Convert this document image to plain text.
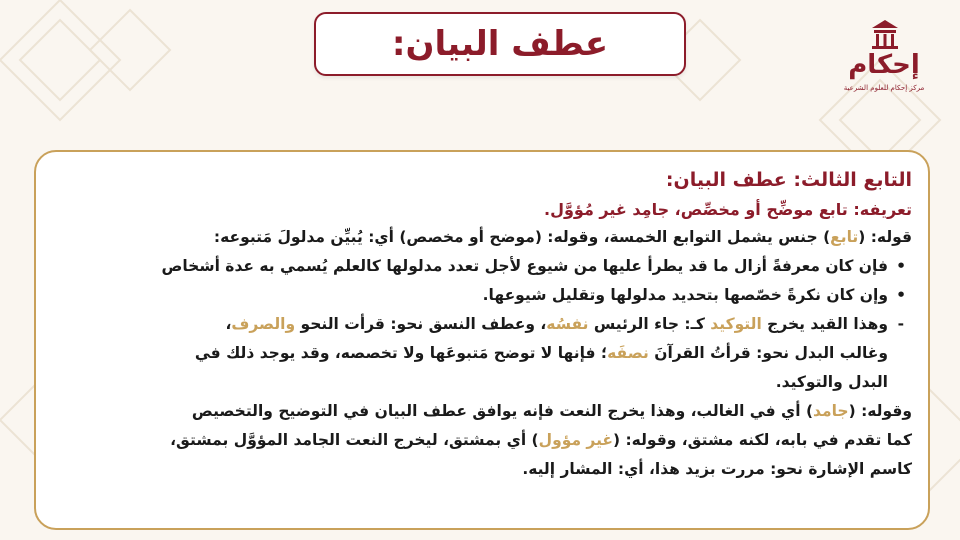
عطف البيان:
إحكام
مركز إحكام للعلوم الشرعية
التابع الثالث: عطف البيان:
تعريفه: تابع موضِّح أو مخصِّص، جامِد غير مُؤوَّل.
قوله: (تابع) جنس يشمل التوابع الخمسة، وقوله: (موضح أو مخصص) أي: يُبيِّن مدلولَ مَتبوعه:
• فإن كان معرفةً أزال ما قد يطرأ عليها من شيوع لأجل تعدد مدلولها كالعلم يُسمي به عدة أشخاص
• وإن كان نكرةً خصّصها بتحديد مدلولها وتقليل شيوعها.
- وهذا القيد يخرج التوكيد كـ: جاء الرئيس نفسُه، وعطف النسق نحو: قرأت النحو والصرف،
وغالب البدل نحو: قرأتُ القرآنَ نصفَه؛ فإنها لا توضح مَتبوعَها ولا تخصصه، وقد يوجد ذلك في
البدل والتوكيد.
وقوله: (جامد) أي في الغالب، وهذا يخرج النعت فإنه يوافق عطف البيان في التوضيح والتخصيص
كما تقدم في بابه، لكنه مشتق، وقوله: (غير مؤول) أي بمشتق، ليخرج النعت الجامد المؤوَّل بمشتق،
كاسم الإشارة نحو: مررت بزيد هذا، أي: المشار إليه.
